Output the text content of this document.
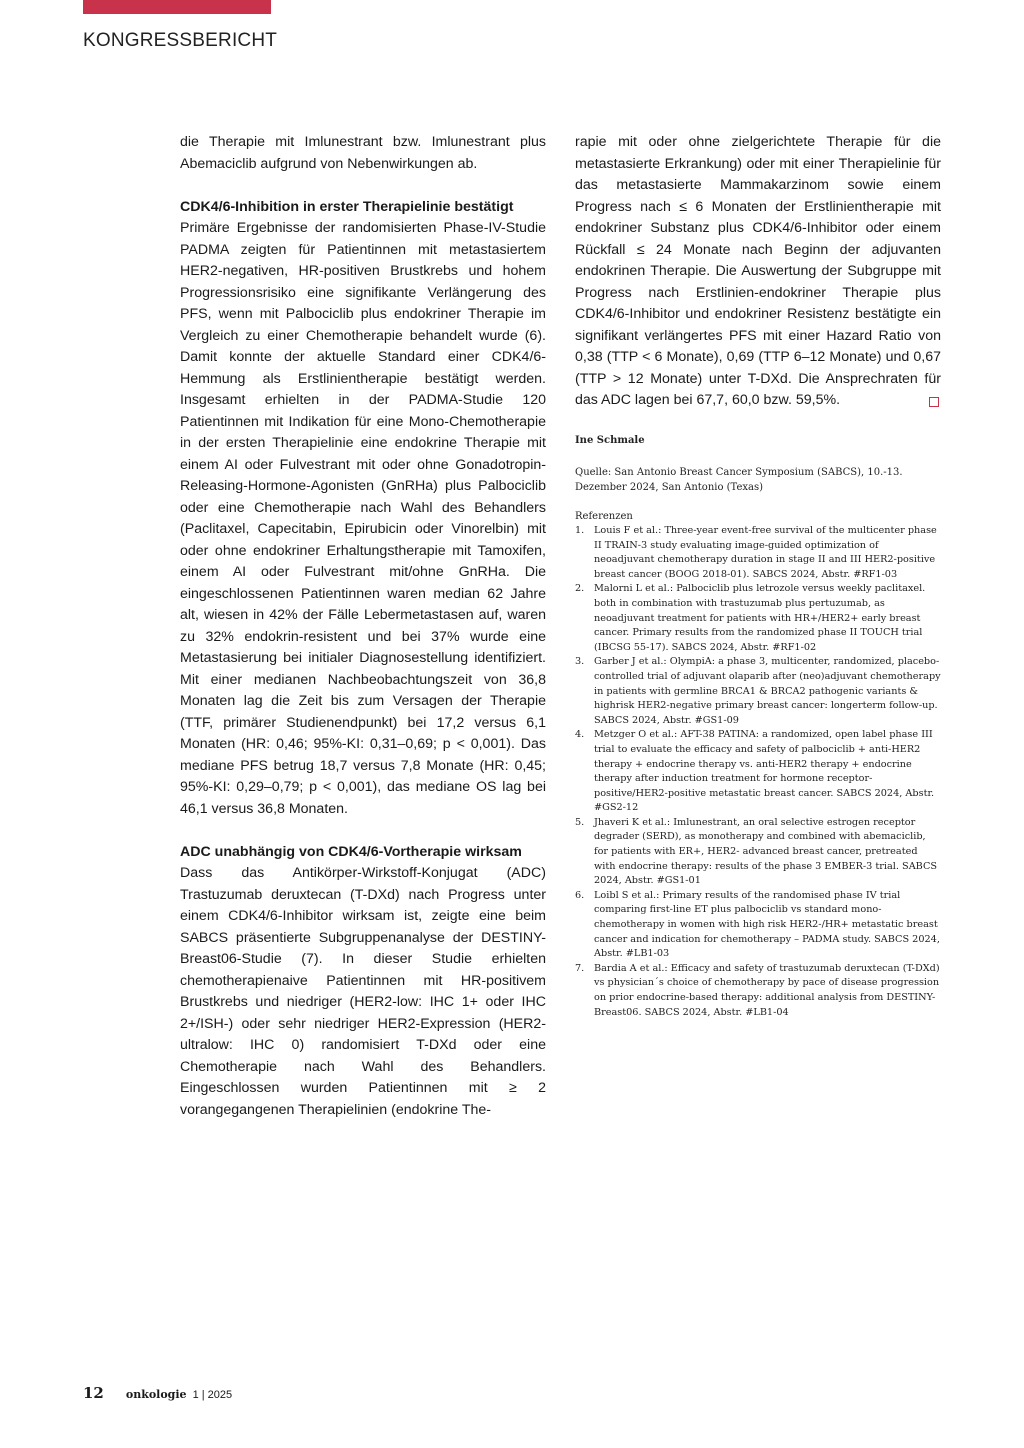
KONGRESSBERICHT

die Therapie mit Imlunestrant bzw. Imlunestrant plus Abemaciclib aufgrund von Nebenwirkungen ab.

CDK4/6-Inhibition in erster Therapielinie bestätigt

Primäre Ergebnisse der randomisierten Phase-IV-Studie PADMA zeigten für Patientinnen mit metastasiertem HER2-negativen, HR-positiven Brustkrebs und hohem Progressionsrisiko eine signifikante Verlängerung des PFS, wenn mit Palbociclib plus endokriner Therapie im Vergleich zu einer Chemotherapie behandelt wurde (6). Damit konnte der aktuelle Standard einer CDK4/6-Hemmung als Erstlinientherapie bestätigt werden. Insgesamt erhielten in der PADMA-Studie 120 Patientinnen mit Indikation für eine Mono-Chemotherapie in der ersten Therapielinie eine endokrine Therapie mit einem AI oder Fulvestrant mit oder ohne Gonadotropin-Releasing-Hormone-Agonisten (GnRHa) plus Palbociclib oder eine Chemotherapie nach Wahl des Behandlers (Paclitaxel, Capecitabin, Epirubicin oder Vinorelbin) mit oder ohne endokriner Erhaltungstherapie mit Tamoxifen, einem AI oder Fulvestrant mit/ohne GnRHa. Die eingeschlossenen Patientinnen waren median 62 Jahre alt, wiesen in 42% der Fälle Lebermetastasen auf, waren zu 32% endokrin-resistent und bei 37% wurde eine Metastasierung bei initialer Diagnosestellung identifiziert. Mit einer medianen Nachbeobachtungszeit von 36,8 Monaten lag die Zeit bis zum Versagen der Therapie (TTF, primärer Studienendpunkt) bei 17,2 versus 6,1 Monaten (HR: 0,46; 95%-KI: 0,31–0,69; p < 0,001). Das mediane PFS betrug 18,7 versus 7,8 Monate (HR: 0,45; 95%-KI: 0,29–0,79; p < 0,001), das mediane OS lag bei 46,1 versus 36,8 Monaten.

ADC unabhängig von CDK4/6-Vortherapie wirksam

Dass das Antikörper-Wirkstoff-Konjugat (ADC) Trastuzumab deruxtecan (T-DXd) nach Progress unter einem CDK4/6-Inhibitor wirksam ist, zeigte eine beim SABCS präsentierte Subgruppenanalyse der DESTINY-Breast06-Studie (7). In dieser Studie erhielten chemotherapienaive Patientinnen mit HR-positivem Brustkrebs und niedriger (HER2-low: IHC 1+ oder IHC 2+/ISH-) oder sehr niedriger HER2-Expression (HER2-ultralow: IHC 0) randomisiert T-DXd oder eine Chemotherapie nach Wahl des Behandlers. Eingeschlossen wurden Patientinnen mit ≥ 2 vorangegangenen Therapielinien (endokrine The-

rapie mit oder ohne zielgerichtete Therapie für die metastasierte Erkrankung) oder mit einer Therapielinie für das metastasierte Mammakarzinom sowie einem Progress nach ≤ 6 Monaten der Erstlinientherapie mit endokriner Substanz plus CDK4/6-Inhibitor oder einem Rückfall ≤ 24 Monate nach Beginn der adjuvanten endokrinen Therapie. Die Auswertung der Subgruppe mit Progress nach Erstlinien-endokriner Therapie plus CDK4/6-Inhibitor und endokriner Resistenz bestätigte ein signifikant verlängertes PFS mit einer Hazard Ratio von 0,38 (TTP < 6 Monate), 0,69 (TTP 6–12 Monate) und 0,67 (TTP > 12 Monate) unter T-DXd. Die Ansprechraten für das ADC lagen bei 67,7, 60,0 bzw. 59,5%.

Ine Schmale
Quelle: San Antonio Breast Cancer Symposium (SABCS), 10.-13. Dezember 2024, San Antonio (Texas)
Referenzen
1.	Louis F et al.: Three-year event-free survival of the multicenter phase II TRAIN-3 study evaluating image-guided optimization of neoadjuvant chemotherapy duration in stage II and III HER2-positive breast cancer (BOOG 2018-01). SABCS 2024, Abstr. #RF1-03
2.	Malorni L et al.: Palbociclib plus letrozole versus weekly paclitaxel. both in combination with trastuzumab plus pertuzumab, as neoadjuvant treatment for patients with HR+/HER2+ early breast cancer. Primary results from the randomized phase II TOUCH trial (IBCSG 55-17). SABCS 2024, Abstr. #RF1-02
3.	Garber J et al.: OlympiA: a phase 3, multicenter, randomized, placebo-controlled trial of adjuvant olaparib after (neo)adjuvant chemotherapy in patients with germline BRCA1 & BRCA2 pathogenic variants & highrisk HER2-negative primary breast cancer: longerterm follow-up. SABCS 2024, Abstr. #GS1-09
4.	Metzger O et al.: AFT-38 PATINA: a randomized, open label phase III trial to evaluate the efficacy and safety of palbociclib + anti-HER2 therapy + endocrine therapy vs. anti-HER2 therapy + endocrine therapy after induction treatment for hormone receptor-positive/HER2-positive metastatic breast cancer. SABCS 2024, Abstr. #GS2-12
5.	Jhaveri K et al.: Imlunestrant, an oral selective estrogen receptor degrader (SERD), as monotherapy and combined with abemaciclib, for patients with ER+, HER2- advanced breast cancer, pretreated with endocrine therapy: results of the phase 3 EMBER-3 trial. SABCS 2024, Abstr. #GS1-01
6.	Loibl S et al.: Primary results of the randomised phase IV trial comparing first-line ET plus palbociclib vs standard mono-chemotherapy in women with high risk HER2-/HR+ metastatic breast cancer and indication for chemotherapy – PADMA study. SABCS 2024, Abstr. #LB1-03
7.	Bardia A et al.: Efficacy and safety of trastuzumab deruxtecan (T-DXd) vs physician´s choice of chemotherapy by pace of disease progression on prior endocrine-based therapy: additional analysis from DESTINY-Breast06. SABCS 2024, Abstr. #LB1-04
12 onkologie 1 | 2025
